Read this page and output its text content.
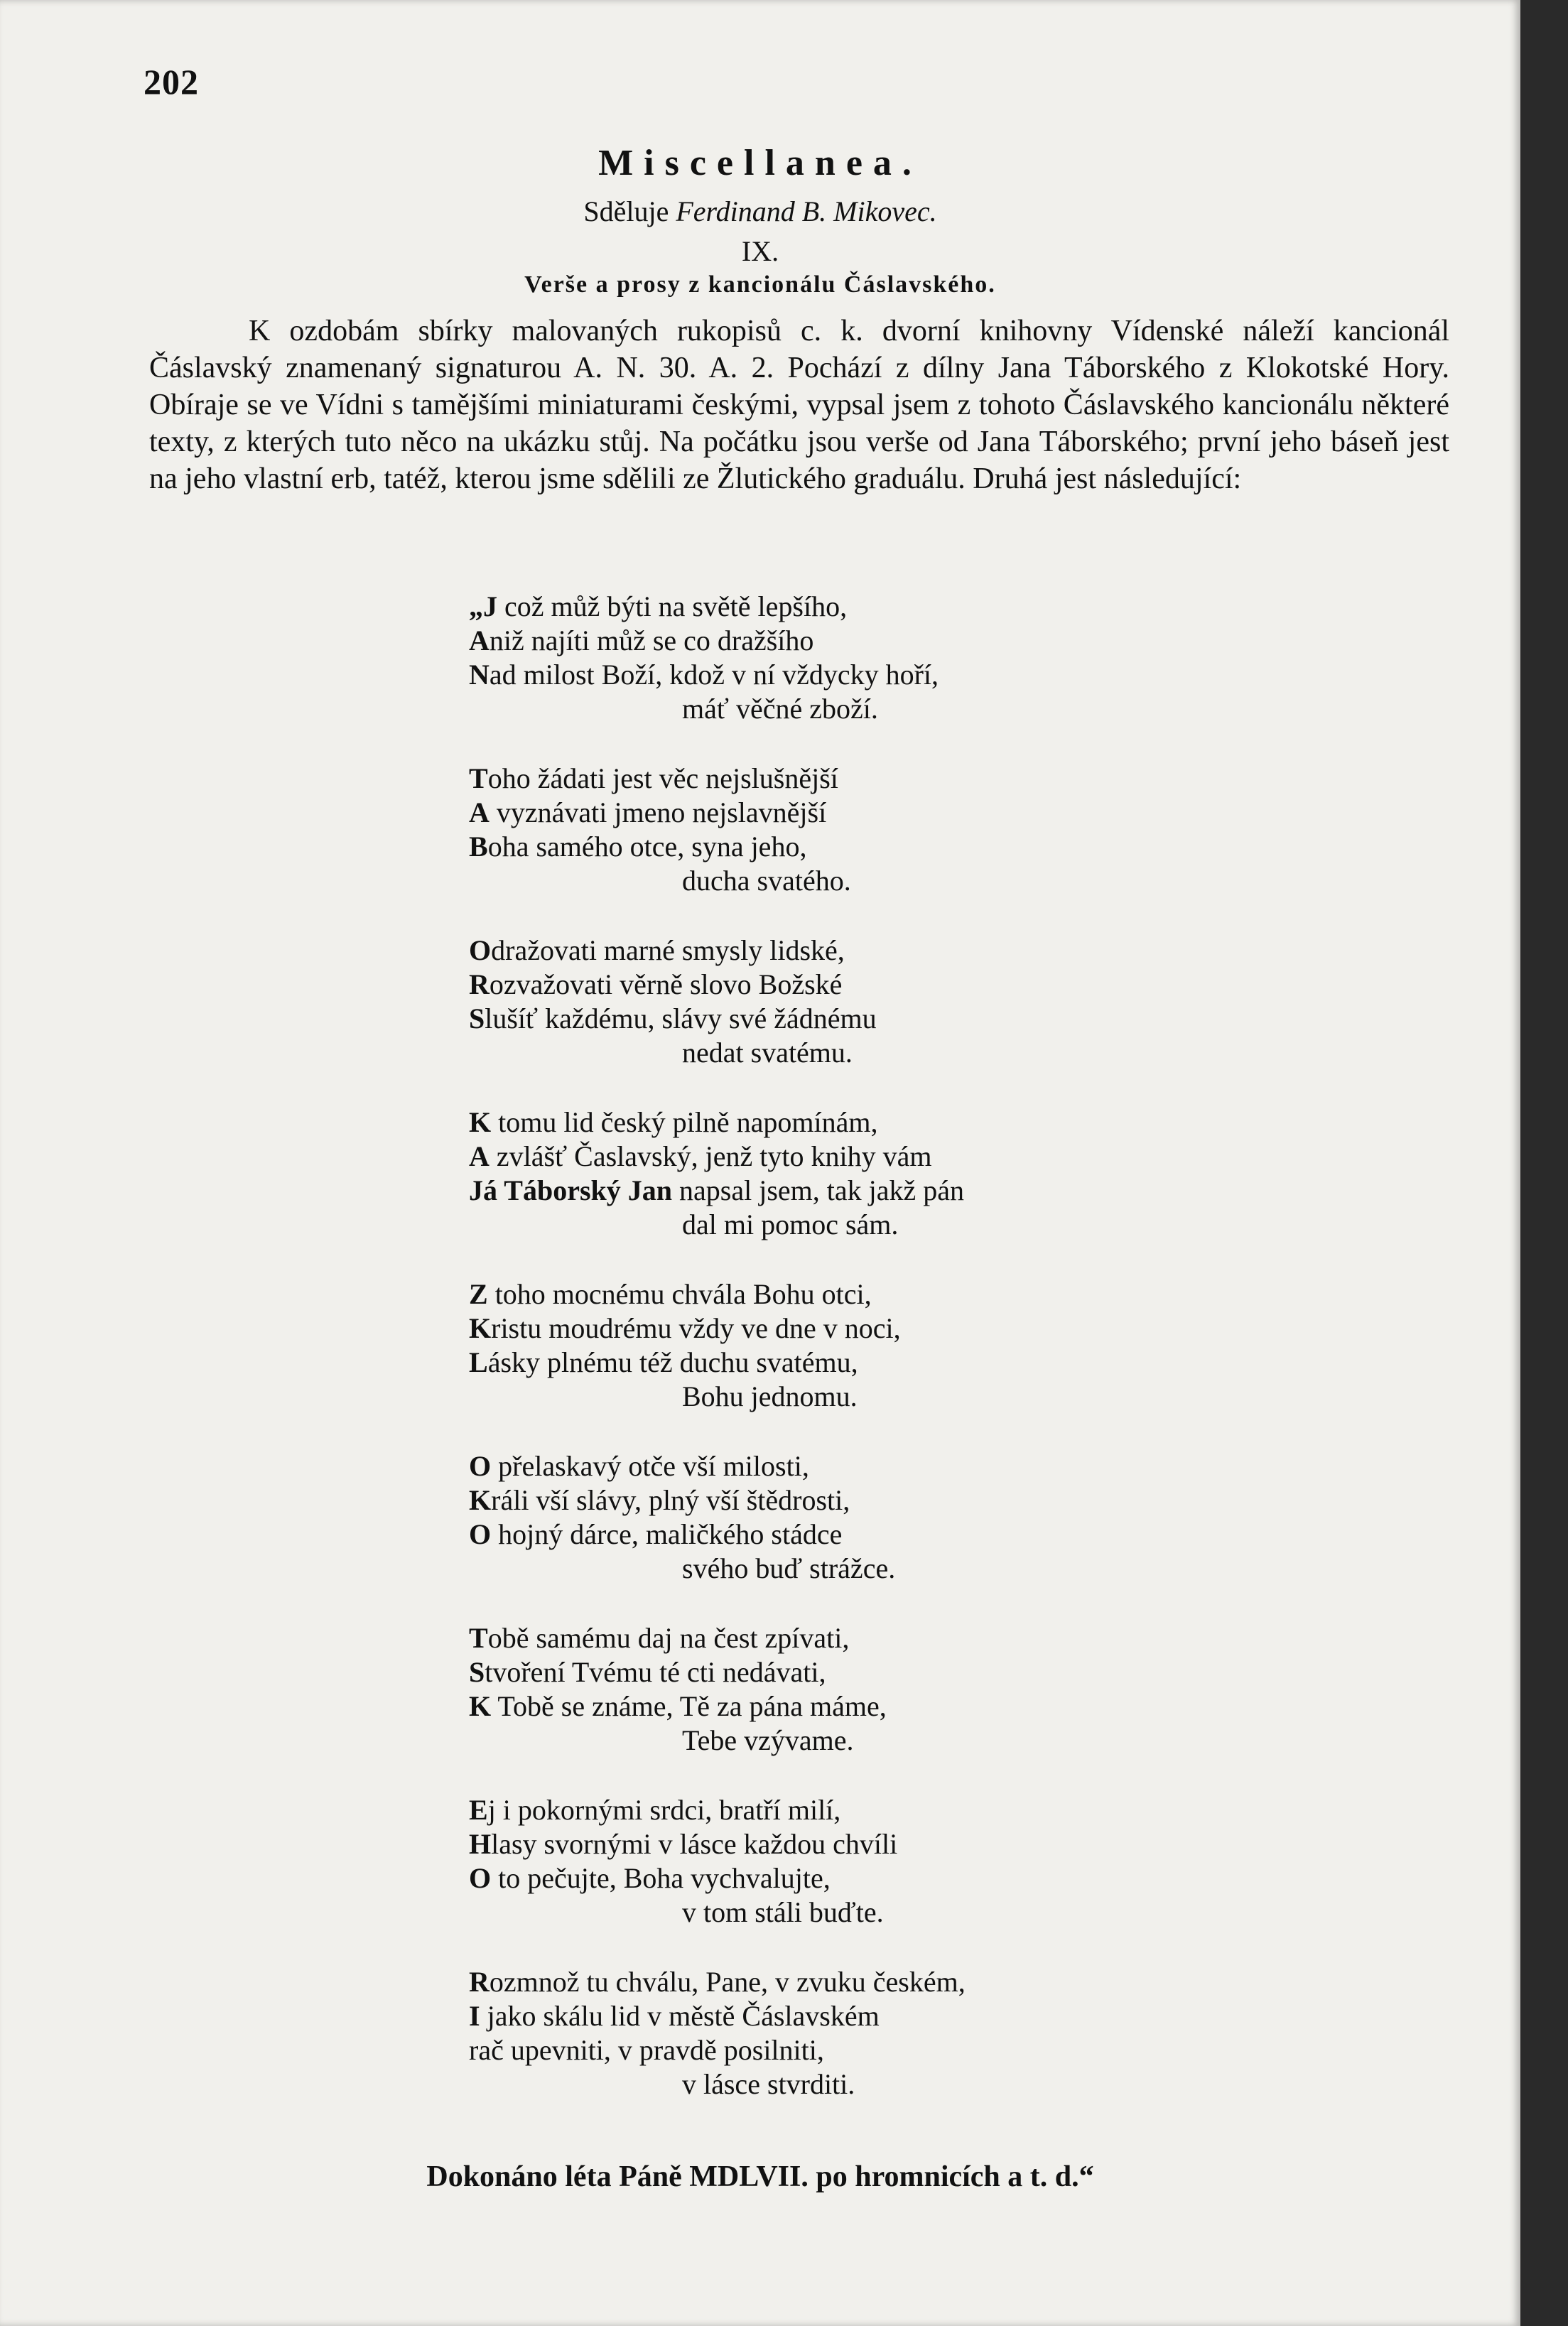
202
Miscellanea.
Sděluje Ferdinand B. Mikovec.
IX.
Verše a prosy z kancionálu Čáslavského.

K ozdobám sbírky malovaných rukopisů c. k. dvorní knihovny Vídenské náleží kancionál Čáslavský znamenaný signaturou A. N. 30. A. 2. Pochází z dílny Jana Táborského z Klokotské Hory. Obíraje se ve Vídni s tamějšími miniaturami českými, vypsal jsem z tohoto Čáslavského kancionálu některé texty, z kterých tuto něco na ukázku stůj. Na počátku jsou verše od Jana Táborského; první jeho báseň jest na jeho vlastní erb, tatéž, kterou jsme sdělili ze Žlutického graduálu. Druhá jest následující:

„J což můž býti na světě lepšího,
Aniž najíti můž se co dražšího
Nad milost Boží, kdož v ní vždycky hoří,
máť věčné zboží.
Toho žádati jest věc nejslušnější
A vyznávati jmeno nejslavnější
Boha samého otce, syna jeho,
ducha svatého.
Odražovati marné smysly lidské,
Rozvažovati věrně slovo Božské
Slušíť každému, slávy své žádnému
nedat svatému.
K tomu lid český pilně napomínám,
A zvlášť Časlavský, jenž tyto knihy vám
Já Táborský Jan napsal jsem, tak jakž pán
dal mi pomoc sám.
Z toho mocnému chvála Bohu otci,
Kristu moudrému vždy ve dne v noci,
Lásky plnému též duchu svatému,
Bohu jednomu.
O přelaskavý otče vší milosti,
Králi vší slávy, plný vší štědrosti,
O hojný dárce, maličkého stádce
svého buď strážce.
Tobě samému daj na čest zpívati,
Stvoření Tvému té cti nedávati,
K Tobě se známe, Tě za pána máme,
Tebe vzývame.
Ej i pokornými srdci, bratří milí,
Hlasy svornými v lásce každou chvíli
O to pečujte, Boha vychvalujte,
v tom stáli buďte.
Rozmnož tu chválu, Pane, v zvuku českém,
I jako skálu lid v městě Čáslavském
rač upevniti, v pravdě posilniti,
v lásce stvrditi.
Dokonáno léta Páně MDLVII. po hromnicích a t. d.“
